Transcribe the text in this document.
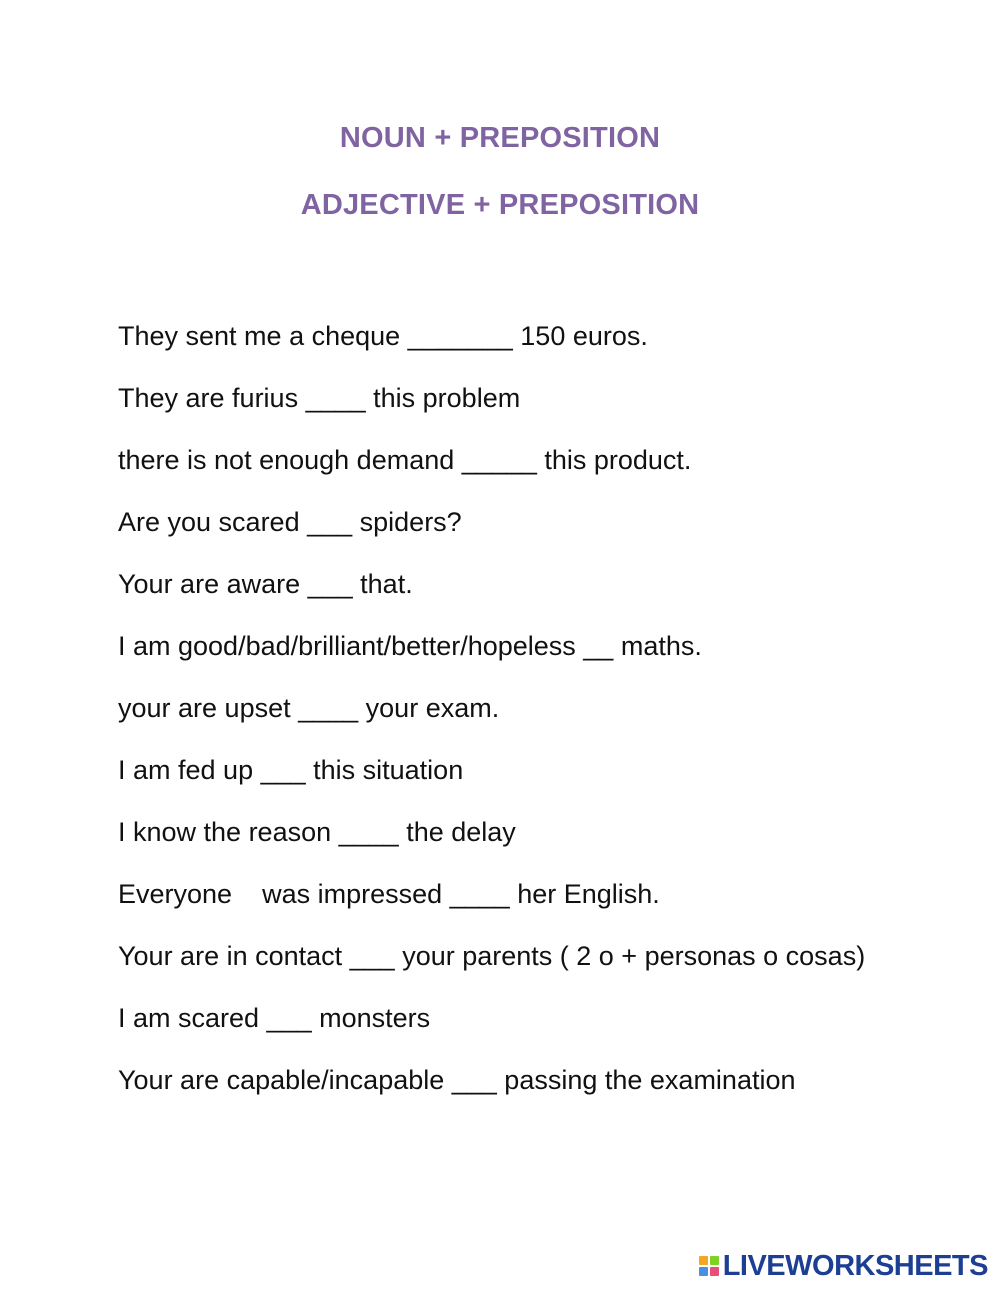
NOUN + PREPOSITION
ADJECTIVE + PREPOSITION
They sent me a cheque _______ 150 euros.
They are furius ____ this problem
there is not enough demand _____ this product.
Are you scared ___ spiders?
Your are aware ___ that.
I am good/bad/brilliant/better/hopeless __ maths.
your are upset ____ your exam.
I am fed up ___ this situation
I know the reason ____ the delay
Everyone    was impressed ____ her English.
Your are in contact ___ your parents ( 2 o + personas o cosas)
I am scared ___ monsters
Your are capable/incapable ___ passing the examination
LIVEWORKSHEETS
